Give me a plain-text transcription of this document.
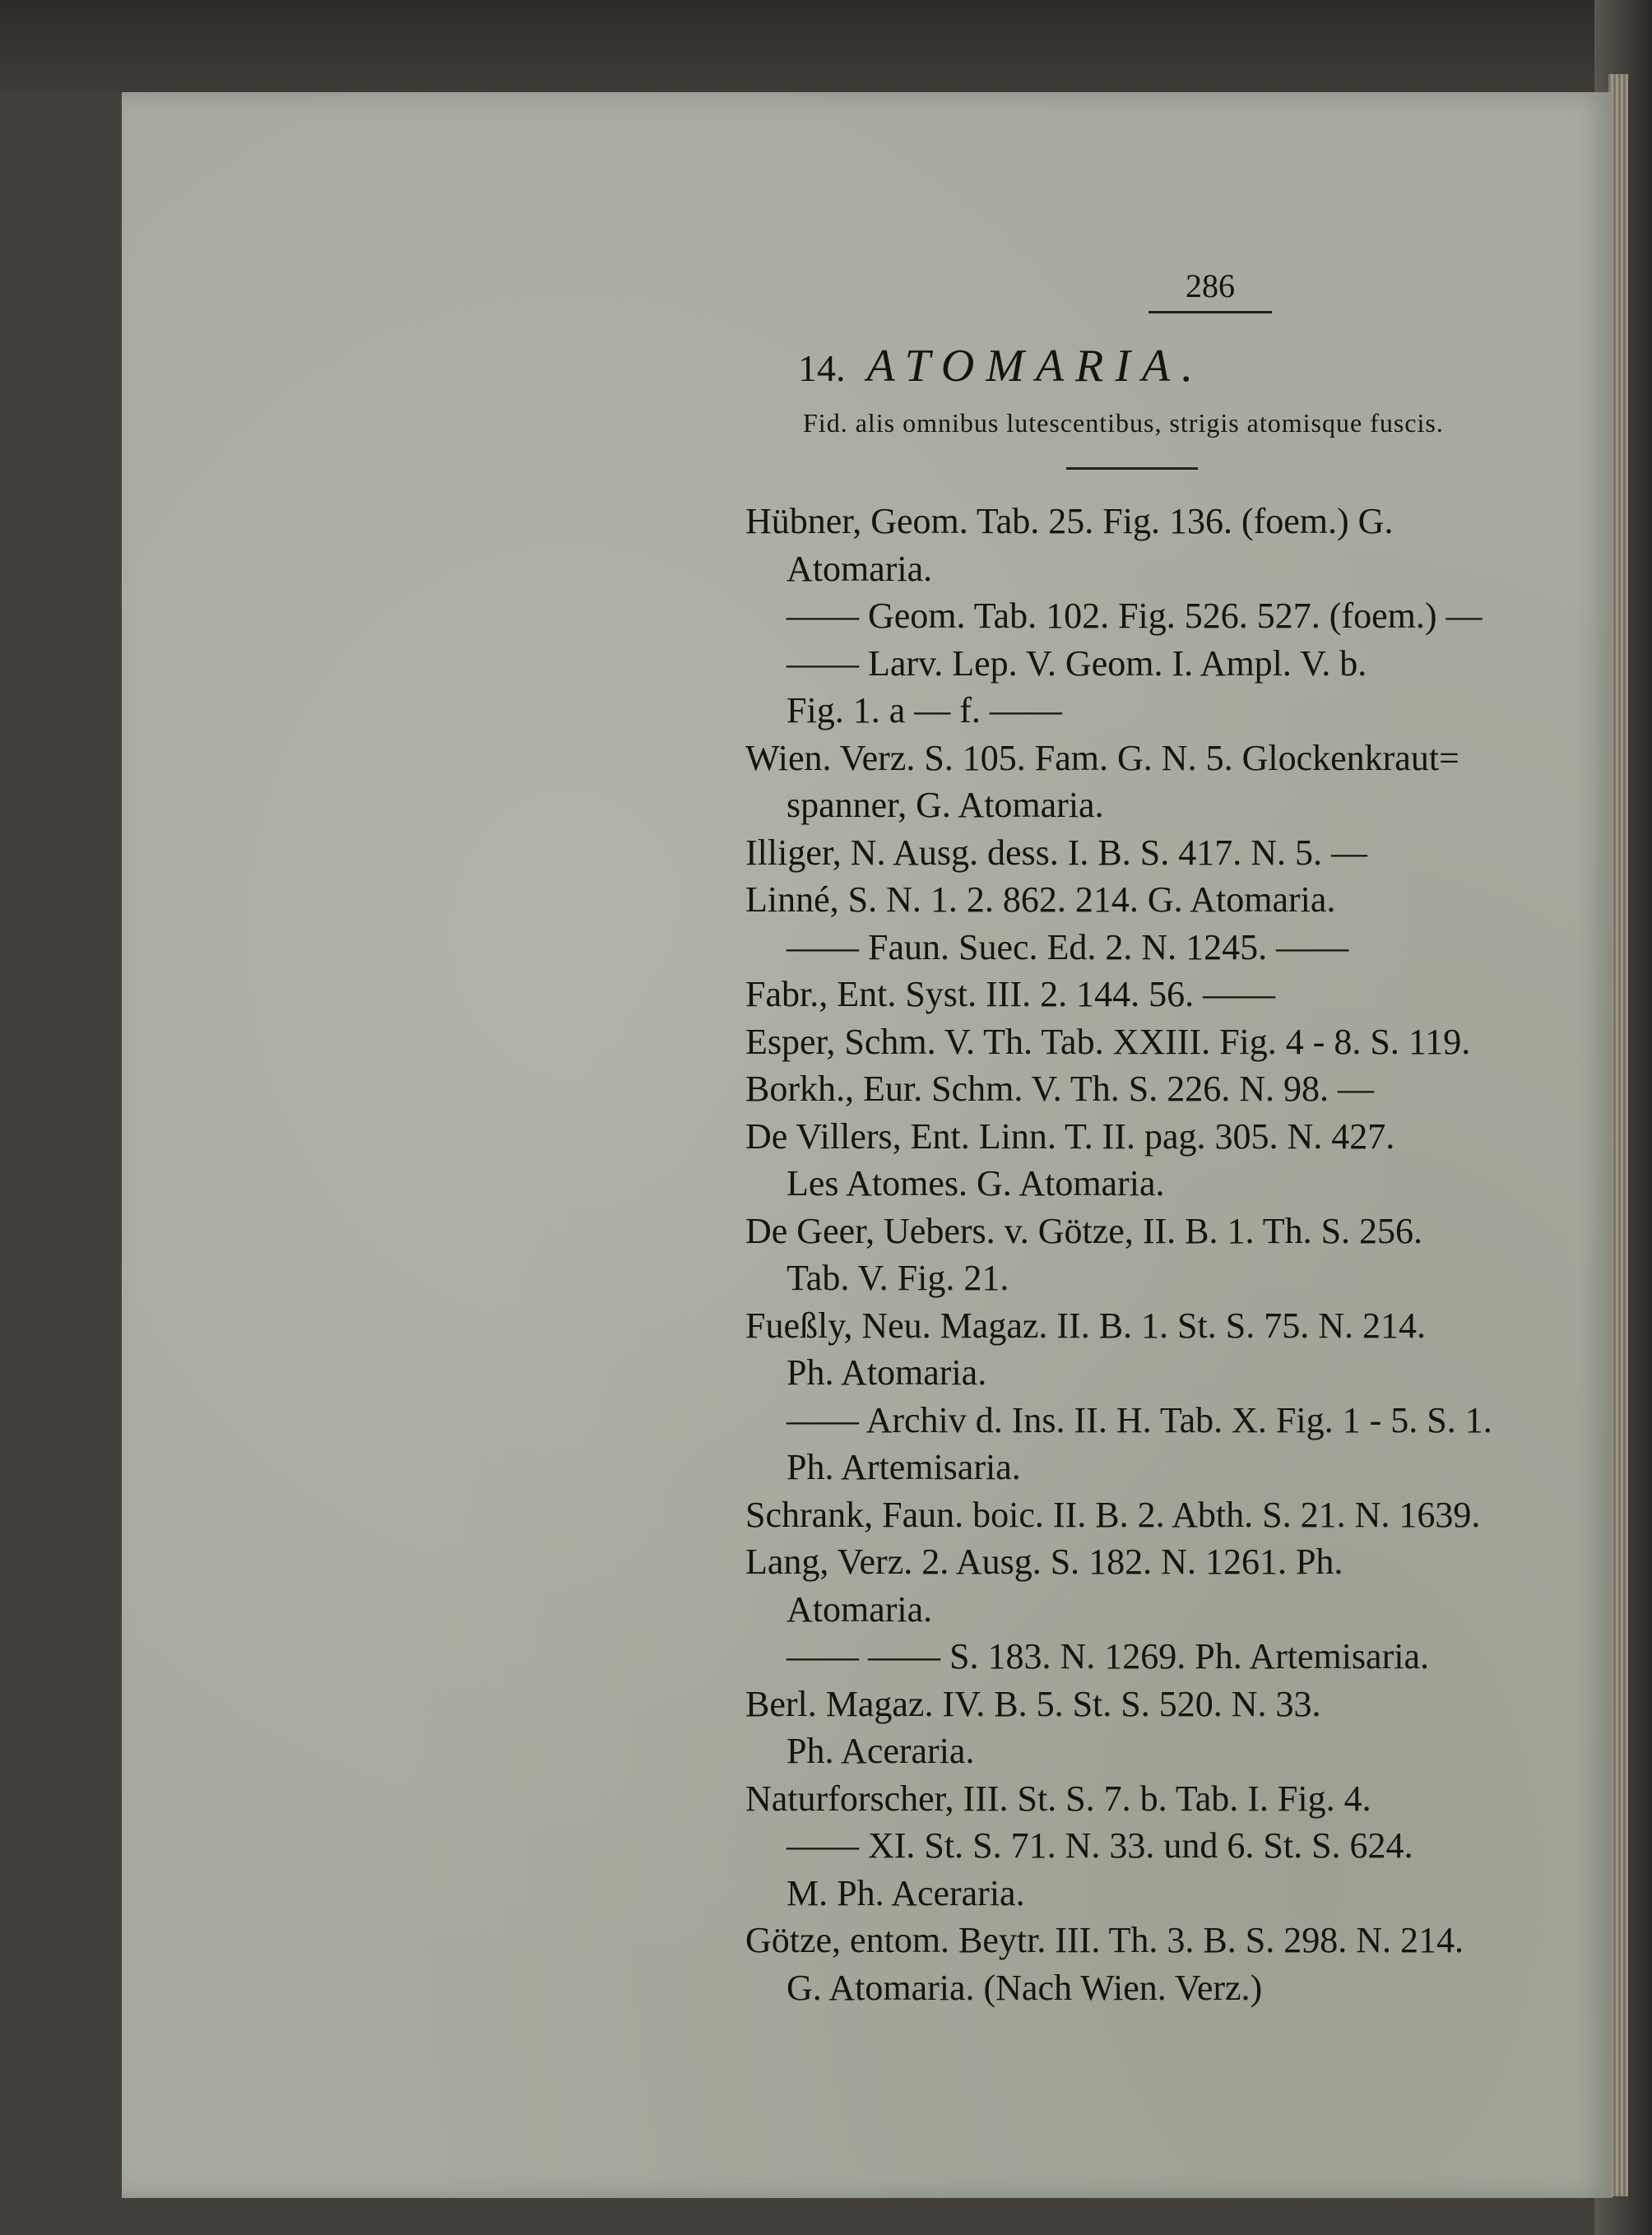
286
14. ATOMARIA.

Fid. alis omnibus lutescentibus, strigis atomisque fuscis.

Hübner, Geom. Tab. 25. Fig. 136. (foem.) G.

Atomaria.

—— Geom. Tab. 102. Fig. 526. 527. (foem.) —

—— Larv. Lep. V. Geom. I. Ampl. V. b.

Fig. 1. a — f. ——

Wien. Verz. S. 105. Fam. G. N. 5. Glockenkraut=

spanner, G. Atomaria.

Illiger, N. Ausg. dess. I. B. S. 417. N. 5. —

Linné, S. N. 1. 2. 862. 214. G. Atomaria.

—— Faun. Suec. Ed. 2. N. 1245. ——

Fabr., Ent. Syst. III. 2. 144. 56. ——

Esper, Schm. V. Th. Tab. XXIII. Fig. 4 - 8. S. 119.

Borkh., Eur. Schm. V. Th. S. 226. N. 98. —

De Villers, Ent. Linn. T. II. pag. 305. N. 427.

Les Atomes. G. Atomaria.

De Geer, Uebers. v. Götze, II. B. 1. Th. S. 256.

Tab. V. Fig. 21.

Fueßly, Neu. Magaz. II. B. 1. St. S. 75. N. 214.

Ph. Atomaria.

—— Archiv d. Ins. II. H. Tab. X. Fig. 1 - 5. S. 1.

Ph. Artemisaria.

Schrank, Faun. boic. II. B. 2. Abth. S. 21. N. 1639.

Lang, Verz. 2. Ausg. S. 182. N. 1261. Ph.

Atomaria.

—— —— S. 183. N. 1269. Ph. Artemisaria.

Berl. Magaz. IV. B. 5. St. S. 520. N. 33.

Ph. Aceraria.

Naturforscher, III. St. S. 7. b. Tab. I. Fig. 4.

—— XI. St. S. 71. N. 33. und 6. St. S. 624.

M. Ph. Aceraria.

Götze, entom. Beytr. III. Th. 3. B. S. 298. N. 214.

G. Atomaria. (Nach Wien. Verz.)
